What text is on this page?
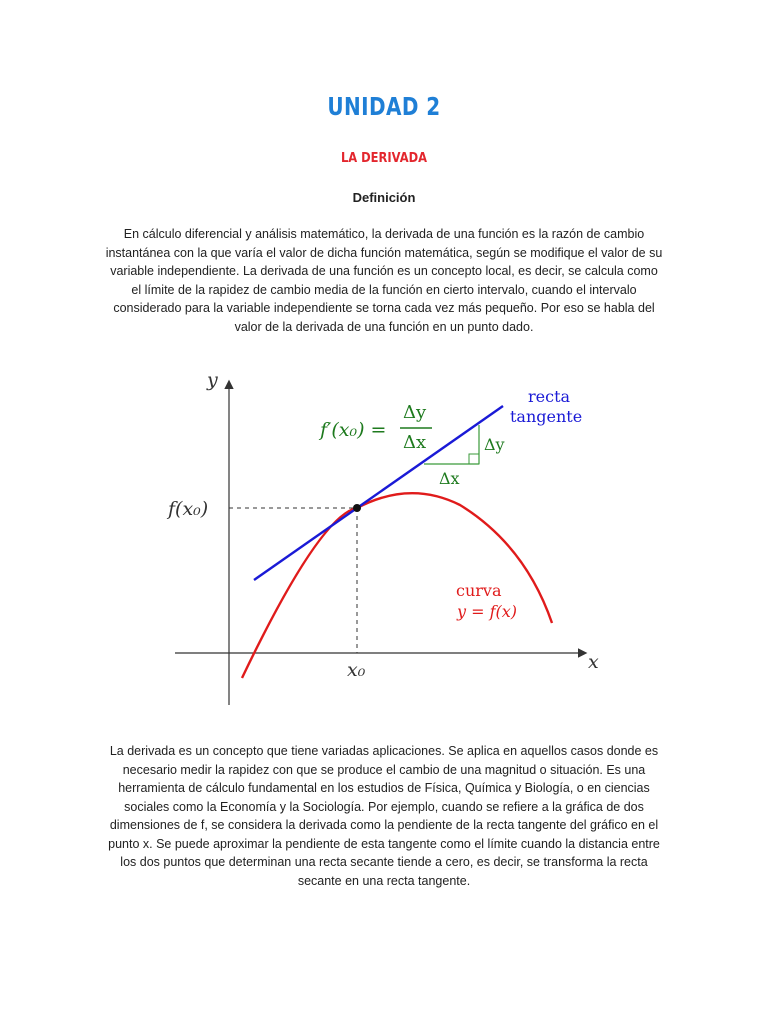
UNIDAD 2
LA DERIVADA
Definición
En cálculo diferencial y análisis matemático, la derivada de una función es la razón de cambio instantánea con la que varía el valor de dicha función matemática, según se modifique el valor de su variable independiente. La derivada de una función es un concepto local, es decir, se calcula como el límite de la rapidez de cambio media de la función en cierto intervalo, cuando el intervalo considerado para la variable independiente se torna cada vez más pequeño. Por eso se habla del valor de la derivada de una función en un punto dado.
y
x
f(x₀)
x₀
recta
tangente
curva
y = f(x)
f′(x₀) =
Δy
Δx	Δy
Δx
La derivada es un concepto que tiene variadas aplicaciones. Se aplica en aquellos casos donde es necesario medir la rapidez con que se produce el cambio de una magnitud o situación. Es una herramienta de cálculo fundamental en los estudios de Física, Química y Biología, o en ciencias sociales como la Economía y la Sociología. Por ejemplo, cuando se refiere a la gráfica de dos dimensiones de f, se considera la derivada como la pendiente de la recta tangente del gráfico en el punto x. Se puede aproximar la pendiente de esta tangente como el límite cuando la distancia entre los dos puntos que determinan una recta secante tiende a cero, es decir, se transforma la recta secante en una recta tangente.
